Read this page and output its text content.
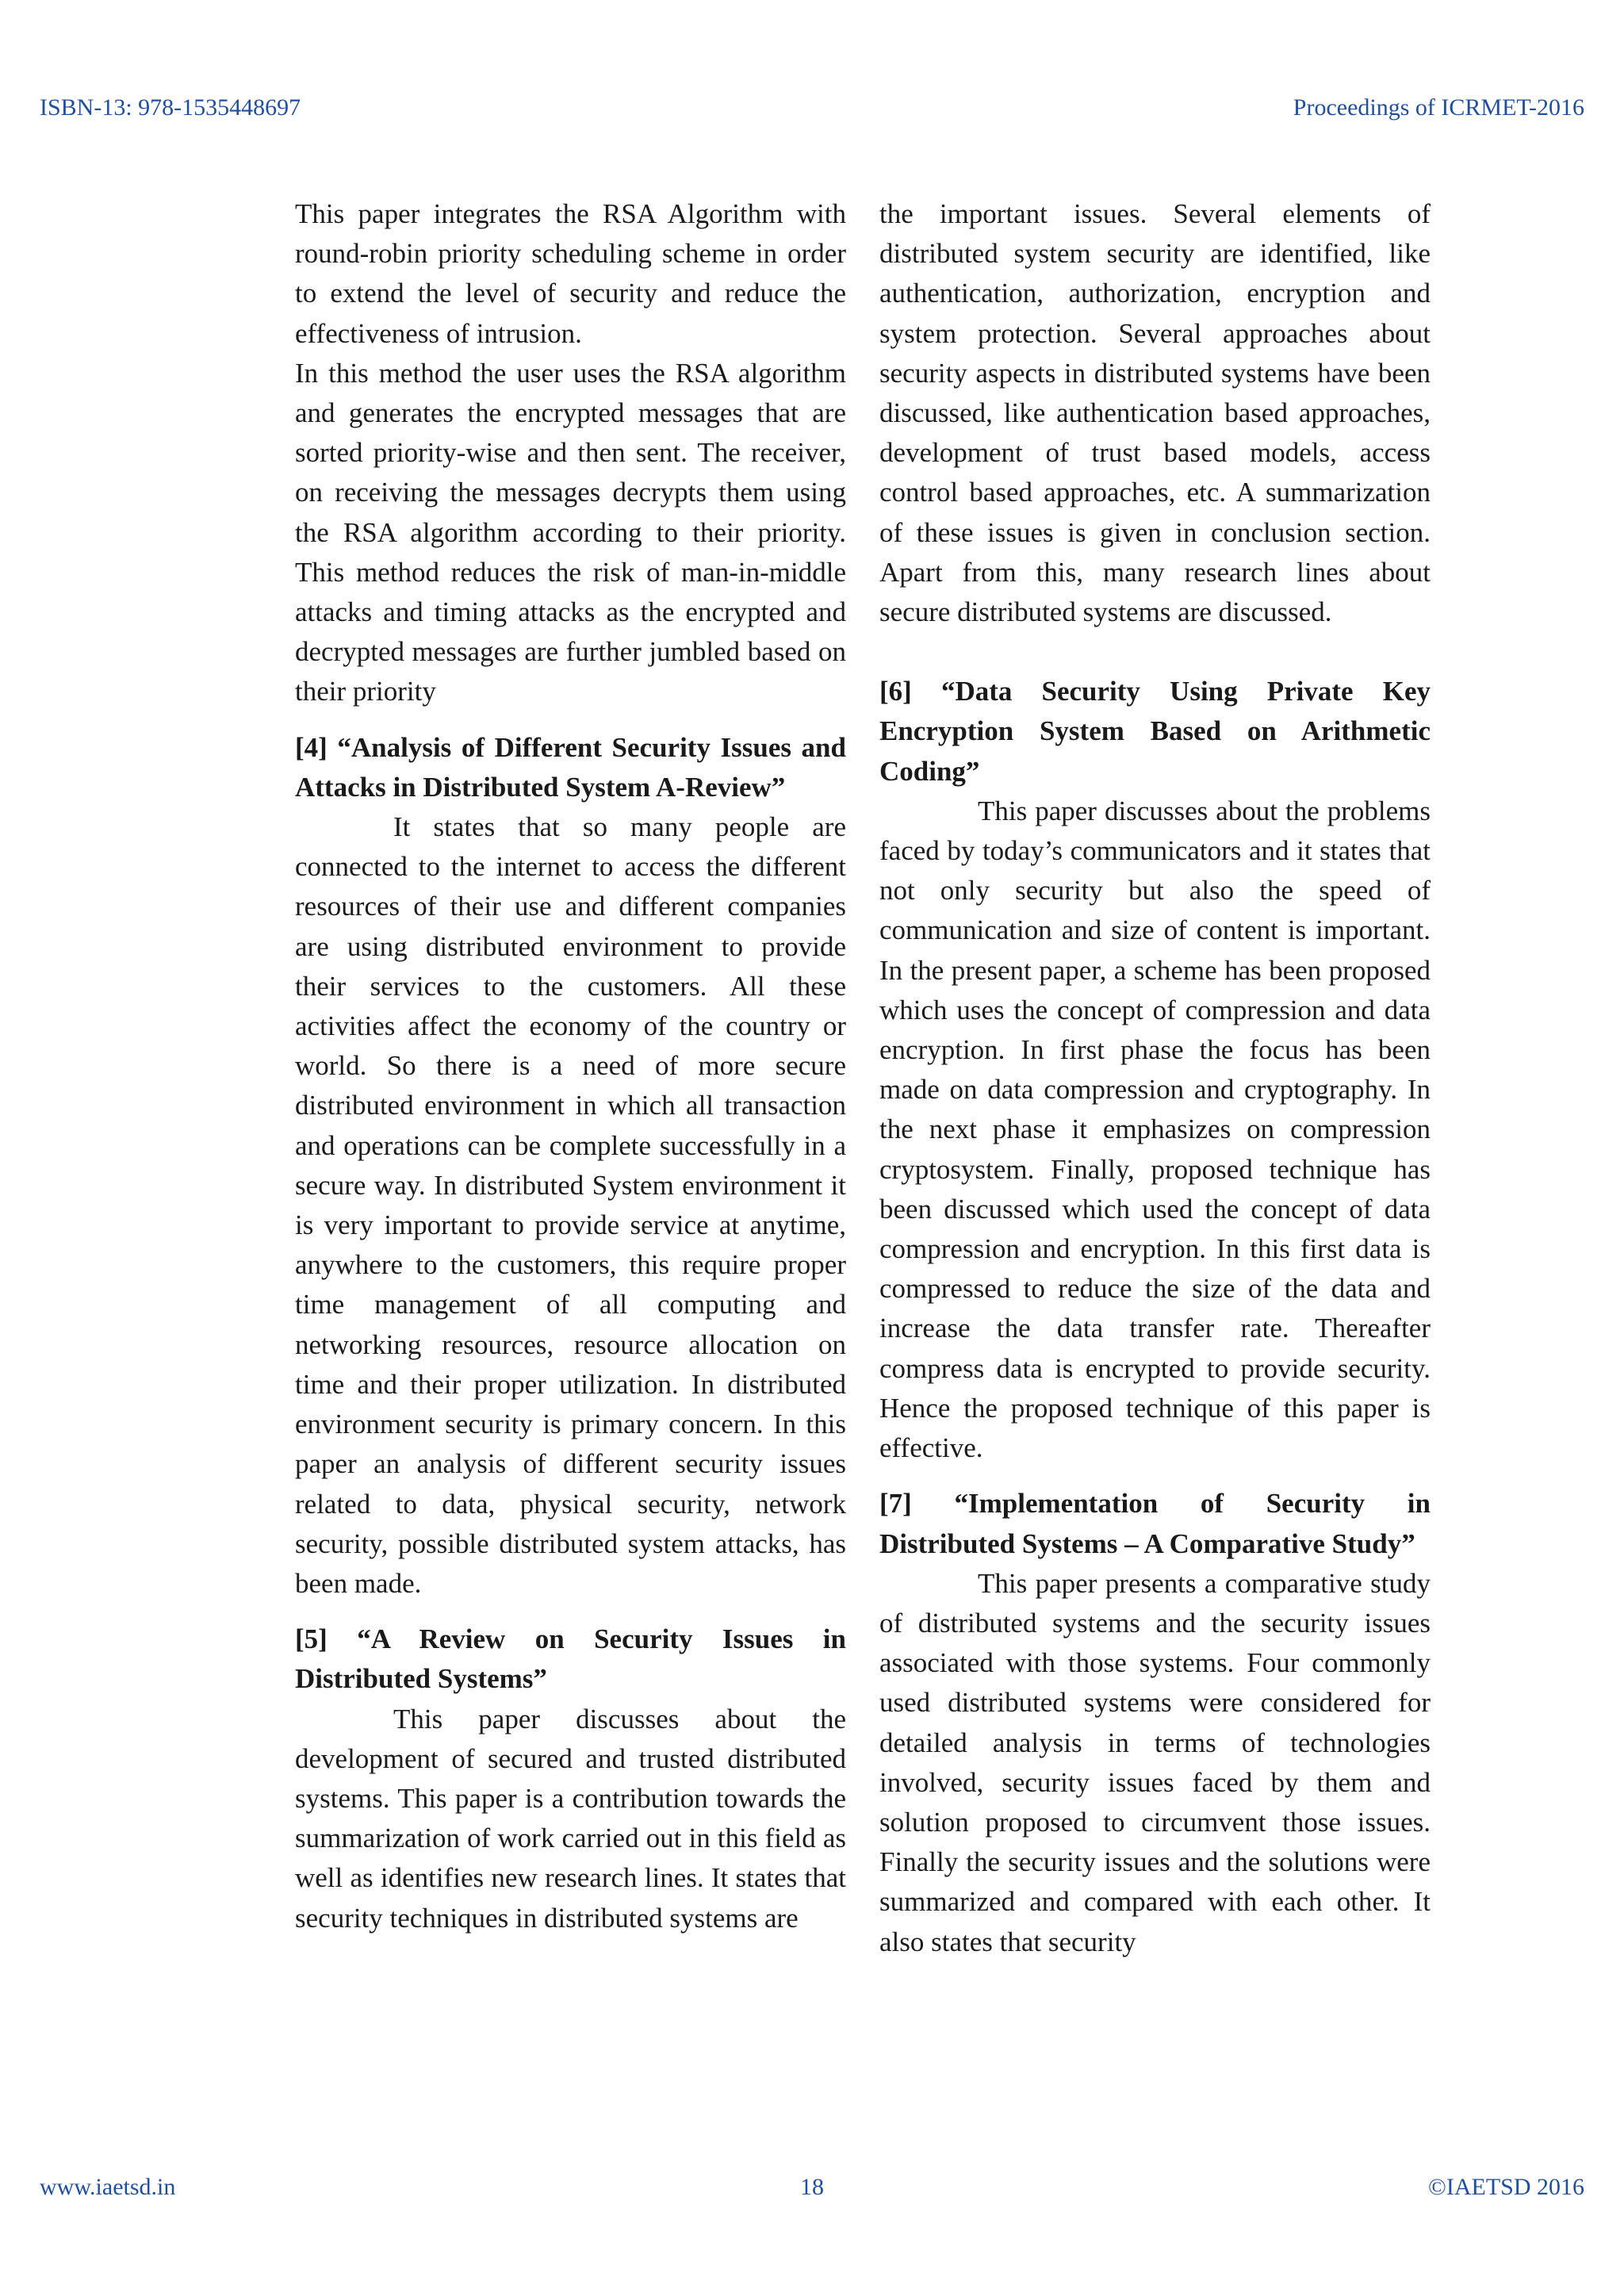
ISBN-13: 978-1535448697	Proceedings of ICRMET-2016

This paper integrates the RSA Algorithm with round-robin priority scheduling scheme in order to extend the level of security and reduce the effectiveness of intrusion.

In this method the user uses the RSA algorithm and generates the encrypted messages that are sorted priority-wise and then sent. The receiver, on receiving the messages decrypts them using the RSA algorithm according to their priority. This method reduces the risk of man-in-middle attacks and timing attacks as the encrypted and decrypted messages are further jumbled based on their priority

[4] “Analysis of Different Security Issues and Attacks in Distributed System A-Review”

It states that so many people are connected to the internet to access the different resources of their use and different companies are using distributed environment to provide their services to the customers. All these activities affect the economy of the country or world. So there is a need of more secure distributed environment in which all transaction and operations can be complete successfully in a secure way. In distributed System environment it is very important to provide service at anytime, anywhere to the customers, this require proper time management of all computing and networking resources, resource allocation on time and their proper utilization. In distributed environment security is primary concern. In this paper an analysis of different security issues related to data, physical security, network security, possible distributed system attacks, has been made.

[5] “A Review on Security Issues in Distributed Systems”

This paper discusses about the development of secured and trusted distributed systems. This paper is a contribution towards the summarization of work carried out in this field as well as identifies new research lines. It states that security techniques in distributed systems are

the important issues. Several elements of distributed system security are identified, like authentication, authorization, encryption and system protection. Several approaches about security aspects in distributed systems have been discussed, like authentication based approaches, development of trust based models, access control based approaches, etc. A summarization of these issues is given in conclusion section. Apart from this, many research lines about secure distributed systems are discussed.

[6] “Data Security Using Private Key Encryption System Based on Arithmetic Coding”

This paper discusses about the problems faced by today’s communicators and it states that not only security but also the speed of communication and size of content is important. In the present paper, a scheme has been proposed which uses the concept of compression and data encryption. In first phase the focus has been made on data compression and cryptography. In the next phase it emphasizes on compression cryptosystem. Finally, proposed technique has been discussed which used the concept of data compression and encryption. In this first data is compressed to reduce the size of the data and increase the data transfer rate. Thereafter compress data is encrypted to provide security. Hence the proposed technique of this paper is effective.

[7] “Implementation of Security in Distributed Systems – A Comparative Study”

This paper presents a comparative study of distributed systems and the security issues associated with those systems. Four commonly used distributed systems were considered for detailed analysis in terms of technologies involved, security issues faced by them and solution proposed to circumvent those issues. Finally the security issues and the solutions were summarized and compared with each other. It also states that security

www.iaetsd.in	18	©IAETSD 2016
